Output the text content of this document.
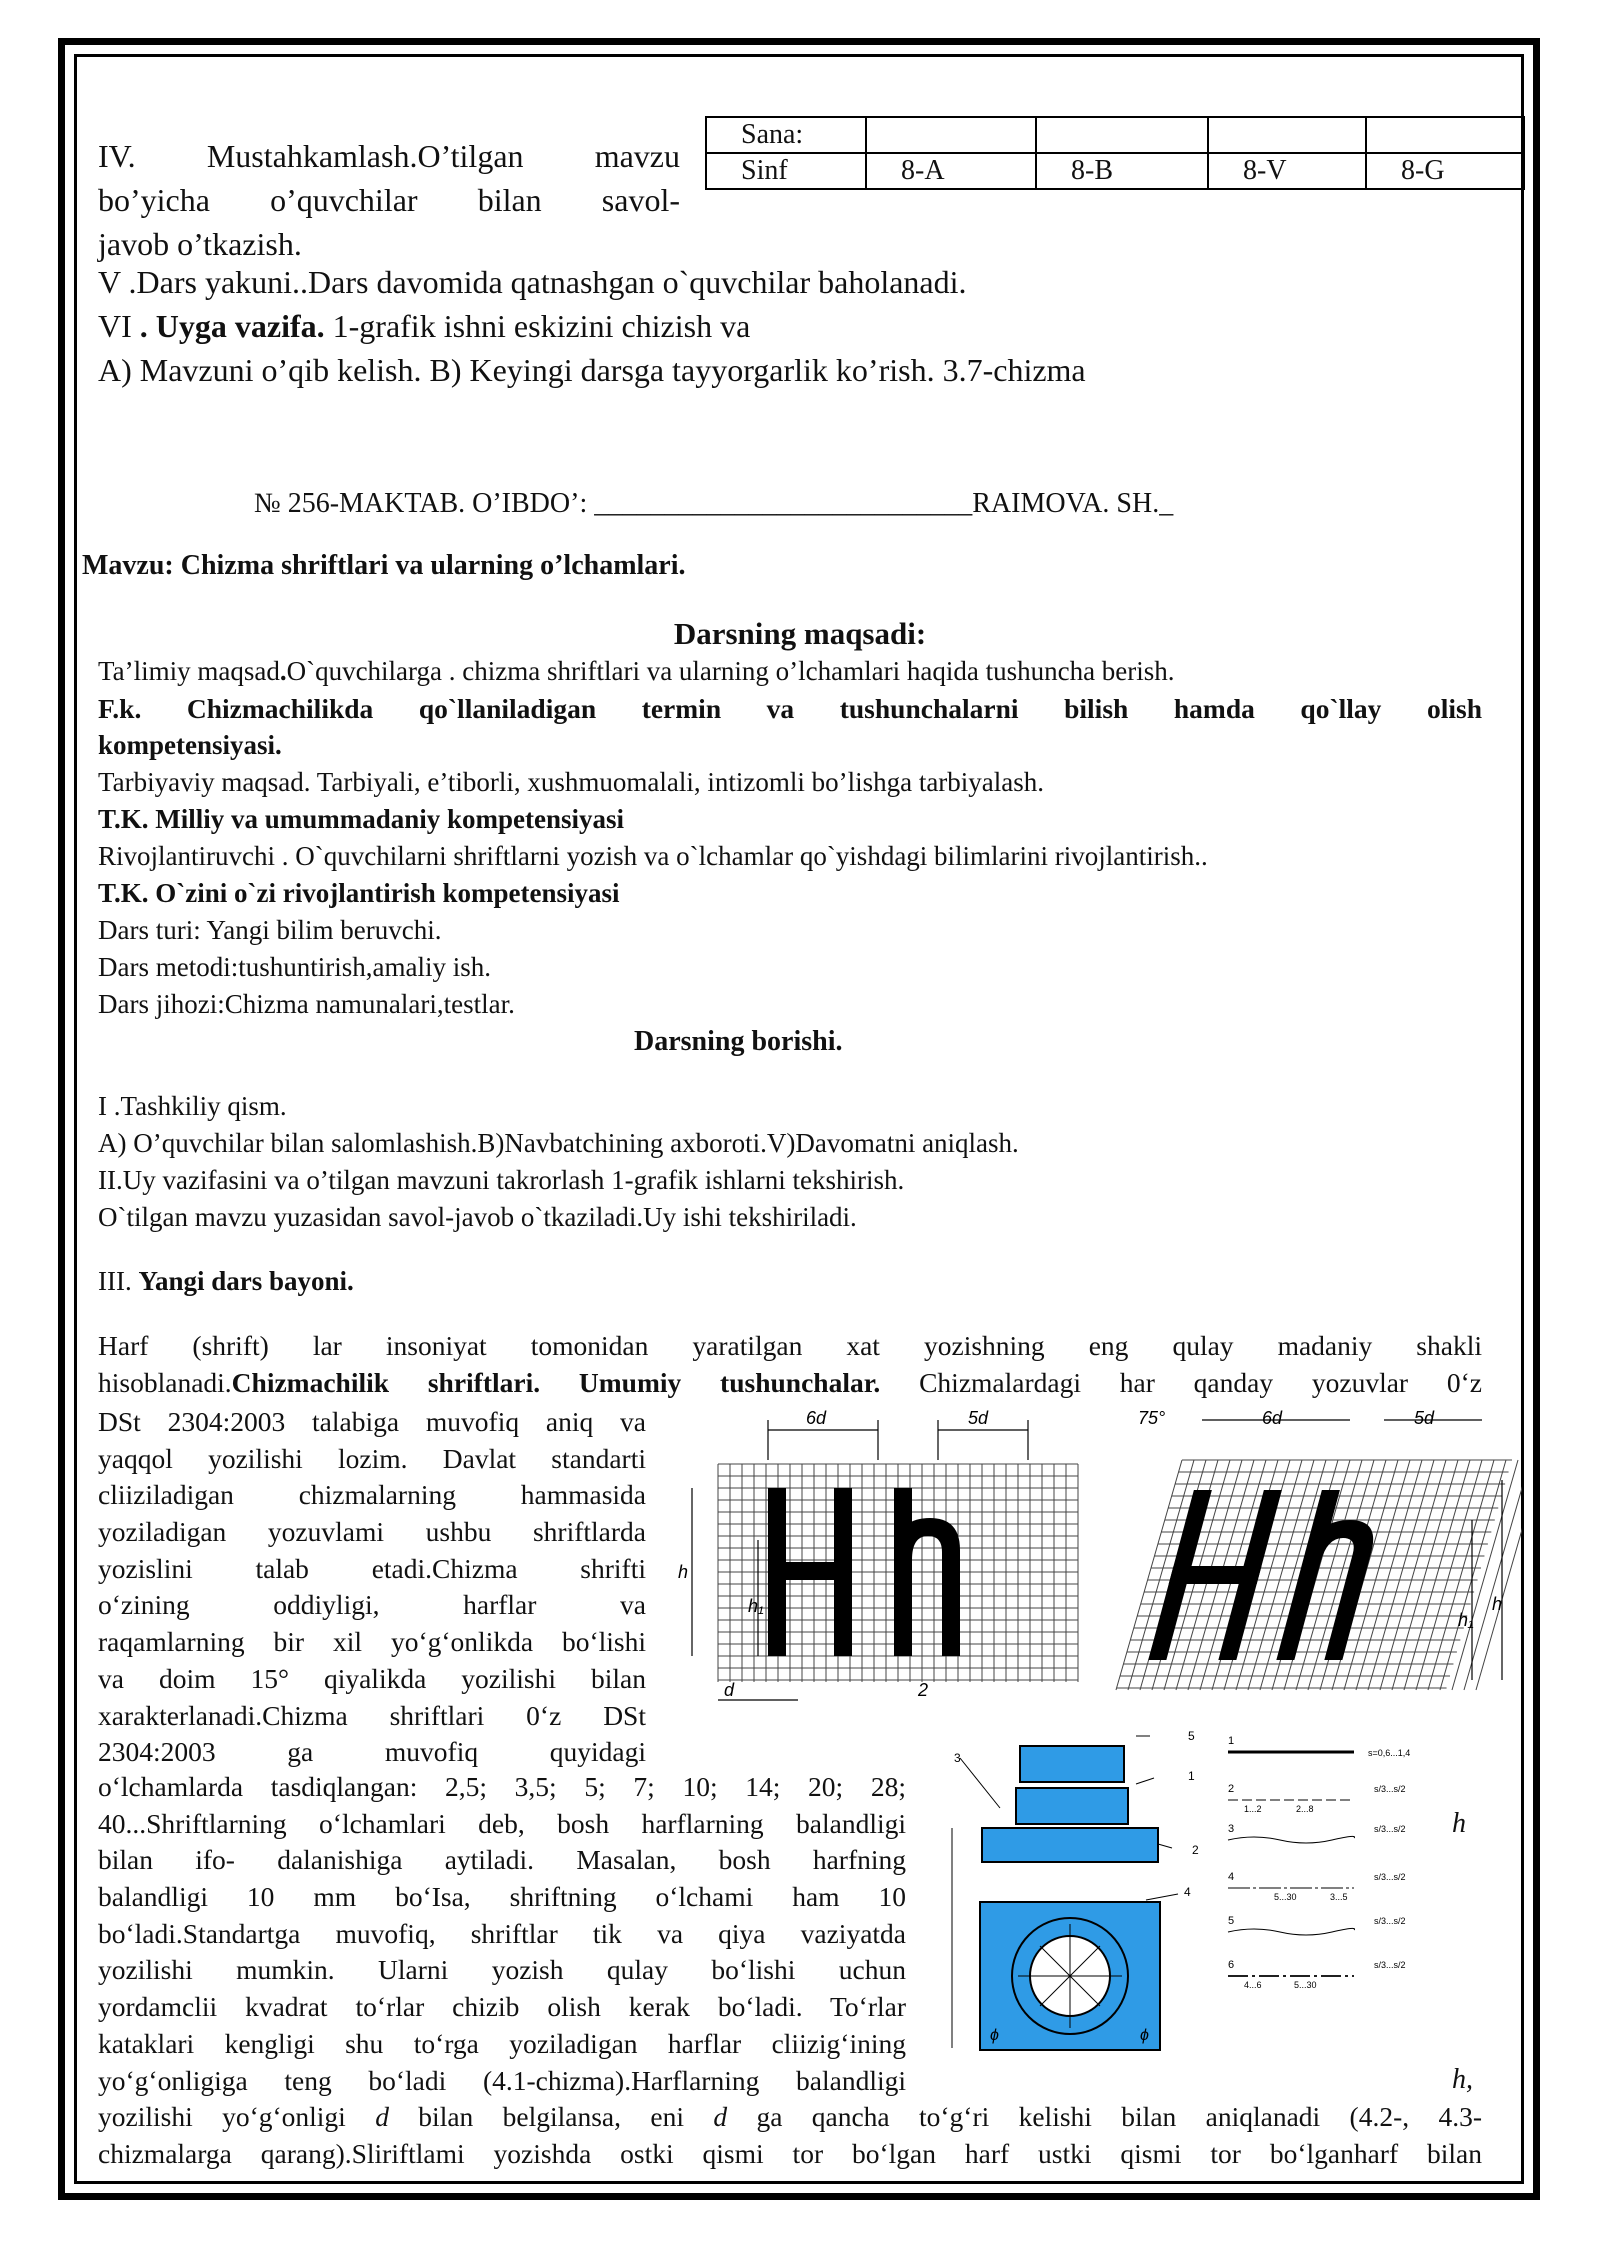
IV. Mustahkamlash.O’tilgan mavzu
bo’yicha o’quvchilar bilan savol-
javob o’tkazish.
Sana:				
Sinf	8-A	8-B	8-V	8-G
V .Dars yakuni..Dars davomida qatnashgan o`quvchilar baholanadi.
VI . Uyga vazifa. 1-grafik ishni eskizini chizish va
A) Mavzuni o’qib kelish. B) Keyingi darsga tayyorgarlik ko’rish. 3.7-chizma
№ 256-MAKTAB. O’IBDO’: ___________________________RAIMOVA. SH._
Mavzu: Chizma shriftlari va ularning o’lchamlari.
Darsning maqsadi:
Ta’limiy maqsad.O`quvchilarga . chizma shriftlari va ularning o’lchamlari haqida tushuncha berish.
F.k. Chizmachilikda qo`llaniladigan termin va tushunchalarni bilish hamda qo`llay olish
kompetensiyasi.
Tarbiyaviy maqsad. Tarbiyali, e’tiborli, xushmuomalali, intizomli bo’lishga tarbiyalash.
T.K. Milliy va umummadaniy kompetensiyasi
Rivojlantiruvchi . O`quvchilarni shriftlarni yozish va o`lchamlar qo`yishdagi bilimlarini rivojlantirish..
T.K. O`zini o`zi rivojlantirish kompetensiyasi
Dars turi: Yangi bilim beruvchi.
Dars metodi:tushuntirish,amaliy ish.
Dars jihozi:Chizma namunalari,testlar.
Darsning borishi.
I .Tashkiliy qism.
A) O’quvchilar bilan salomlashish.B)Navbatchining axboroti.V)Davomatni aniqlash.
II.Uy vazifasini va o’tilgan mavzuni takrorlash 1-grafik ishlarni tekshirish.
O`tilgan mavzu yuzasidan savol-javob o`tkaziladi.Uy ishi tekshiriladi.
III. Yangi dars bayoni.
Harf (shrift) lar insoniyat tomonidan yaratilgan xat yozishning eng qulay madaniy shakli
hisoblanadi.Chizmachilik shriftlari. Umumiy tushunchalar. Chizmalardagi har qanday yozuvlar 0‘z
DSt 2304:2003 talabiga muvofiq aniq va
yaqqol yozilishi lozim. Davlat standarti
cliiziladigan chizmalarning hammasida
yoziladigan yozuvlami ushbu shriftlarda
yozislini talab etadi.Chizma shrifti
o‘zining oddiyligi, harflar va
raqamlarning bir xil yo‘g‘onlikda bo‘lishi
va doim 15° qiyalikda yozilishi bilan
xarakterlanadi.Chizma shriftlari 0‘z DSt
2304:2003 ga muvofiq quyidagi
o‘lchamlarda tasdiqlangan: 2,5; 3,5; 5; 7; 10; 14; 20; 28;
40...Shriftlarning o‘lchamlari deb, bosh harflarning balandligi
bilan ifo- dalanishiga aytiladi. Masalan, bosh harfning
balandligi 10 mm bo‘Isa, shriftning o‘lchami ham 10
bo‘ladi.Standartga muvofiq, shriftlar tik va qiya vaziyatda
yozilishi mumkin. Ularni yozish qulay bo‘lishi uchun
yordamclii kvadrat to‘rlar chizib olish kerak bo‘ladi. To‘rlar
kataklari kengligi shu to‘rga yoziladigan harflar cliizig‘ining
yo‘g‘onligiga teng bo‘ladi (4.1-chizma).Harflarning balandligi
h
h,
yozilishi yo‘g‘onligi d bilan belgilansa, eni d ga qancha to‘g‘ri kelishi bilan aniqlanadi (4.2-, 4.3-
chizmalarga qarang).Sliriftlami yozishda ostki qismi tor bo‘lgan harf ustki qismi tor bo‘lganharf bilan
6d	5d
h
h₁
d	2
75°	6d	5d
h
h₁
3
5
1
2
4
ϕ	ϕ
1
2
3
4
5
6
s=0,6...1,4
s/3...s/2
s/3...s/2
s/3...s/2
s/3...s/2
s/3...s/2
1...2	2...8
5...30	3...5
4...6	5...30
